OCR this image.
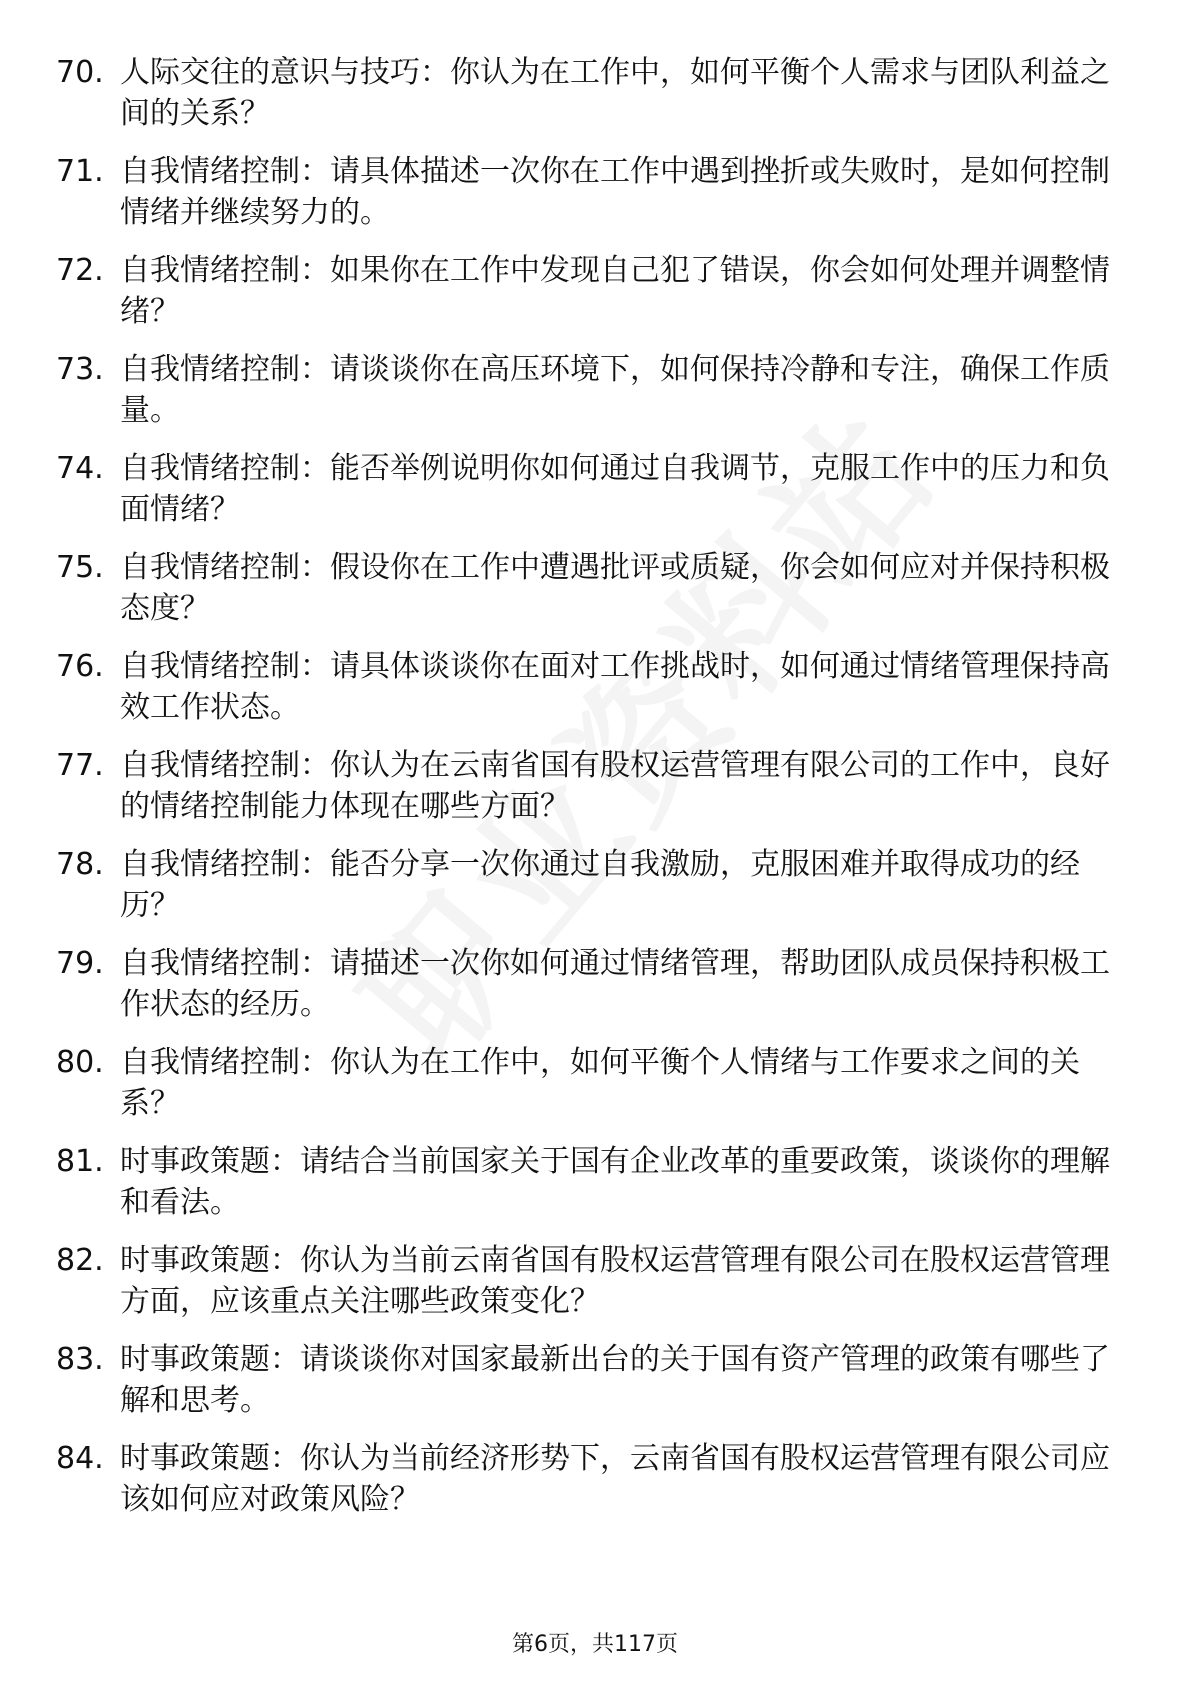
70. 人际交往的意识与技巧：你认为在工作中，如何平衡个人需求与团队利益之间的关系？
71. 自我情绪控制：请具体描述一次你在工作中遇到挫折或失败时，是如何控制情绪并继续努力的。
72. 自我情绪控制：如果你在工作中发现自己犯了错误，你会如何处理并调整情绪？
73. 自我情绪控制：请谈谈你在高压环境下，如何保持冷静和专注，确保工作质量。
74. 自我情绪控制：能否举例说明你如何通过自我调节，克服工作中的压力和负面情绪？
75. 自我情绪控制：假设你在工作中遭遇批评或质疑，你会如何应对并保持积极态度？
76. 自我情绪控制：请具体谈谈你在面对工作挑战时，如何通过情绪管理保持高效工作状态。
77. 自我情绪控制：你认为在云南省国有股权运营管理有限公司的工作中，良好的情绪控制能力体现在哪些方面？
78. 自我情绪控制：能否分享一次你通过自我激励，克服困难并取得成功的经历？
79. 自我情绪控制：请描述一次你如何通过情绪管理，帮助团队成员保持积极工作状态的经历。
80. 自我情绪控制：你认为在工作中，如何平衡个人情绪与工作要求之间的关系？
81. 时事政策题：请结合当前国家关于国有企业改革的重要政策，谈谈你的理解和看法。
82. 时事政策题：你认为当前云南省国有股权运营管理有限公司在股权运营管理方面，应该重点关注哪些政策变化？
83. 时事政策题：请谈谈你对国家最新出台的关于国有资产管理的政策有哪些了解和思考。
84. 时事政策题：你认为当前经济形势下，云南省国有股权运营管理有限公司应该如何应对政策风险？
第6页，共117页
